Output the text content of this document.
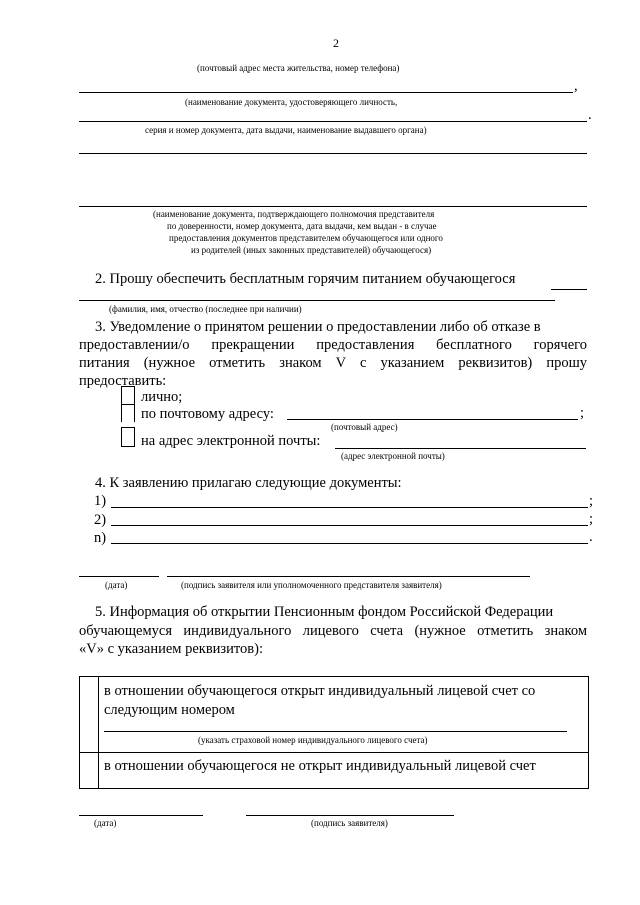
2
(почтовый адрес места жительства, номер телефона)
,
(наименование документа, удостоверяющего личность,
.
серия и номер документа, дата выдачи, наименование выдавшего органа)
(наименование документа, подтверждающего полномочия представителя
по доверенности, номер документа, дата выдачи, кем выдан - в случае
предоставления документов представителем обучающегося или одного
из родителей (иных законных представителей) обучающегося)
2. Прошу обеспечить бесплатным горячим питанием обучающегося
(фамилия, имя, отчество (последнее при наличии)
3. Уведомление о принятом решении о предоставлении либо об отказе в
предоставлении/о прекращении предоставления бесплатного горячего
питания (нужное отметить знаком V с указанием реквизитов) прошу
предоставить:
лично;
по почтовому адресу:	;
(почтовый адрес)
на адрес электронной почты:
(адрес электронной почты)
4. К заявлению прилагаю следующие документы:
1)	;
2)	;
n)	.
(дата)	(подпись заявителя или уполномоченного представителя заявителя)
5. Информация об открытии Пенсионным фондом Российской Федерации
обучающемуся индивидуального лицевого счета (нужное отметить знаком
«V» с указанием реквизитов):
в отношении обучающегося открыт индивидуальный лицевой счет со следующим номером
(указать страховой номер индивидуального лицевого счета)
в отношении обучающегося не открыт индивидуальный лицевой счет
(дата)	(подпись заявителя)
